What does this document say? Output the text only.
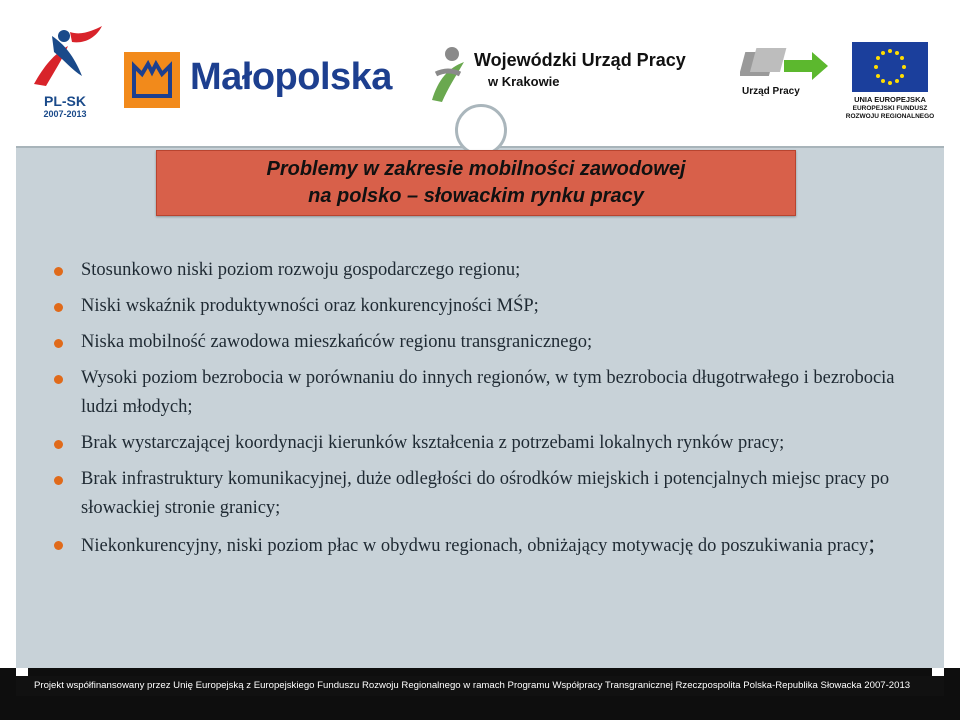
PL-SK
2007-2013
Małopolska	Wojewódzki Urząd Pracy
w Krakowie
Urząd Pracy
UNIA EUROPEJSKA
EUROPEJSKI FUNDUSZ
ROZWOJU REGIONALNEGO
Problemy w zakresie mobilności zawodowej
na polsko – słowackim rynku pracy
Stosunkowo niski poziom rozwoju gospodarczego regionu;
Niski wskaźnik produktywności oraz konkurencyjności MŚP;
Niska mobilność zawodowa mieszkańców regionu transgranicznego;
Wysoki poziom bezrobocia w porównaniu do innych regionów, w tym bezrobocia długotrwałego i bezrobocia ludzi młodych;
Brak wystarczającej koordynacji kierunków kształcenia z potrzebami lokalnych rynków pracy;
Brak infrastruktury komunikacyjnej, duże odległości do ośrodków miejskich i potencjalnych miejsc pracy po słowackiej stronie granicy;
Niekonkurencyjny, niski poziom płac w obydwu regionach, obniżający motywację do poszukiwania pracy;
Projekt współfinansowany przez Unię Europejską z Europejskiego Funduszu Rozwoju Regionalnego w ramach Programu Współpracy Transgranicznej Rzeczpospolita Polska-Republika Słowacka 2007-2013
